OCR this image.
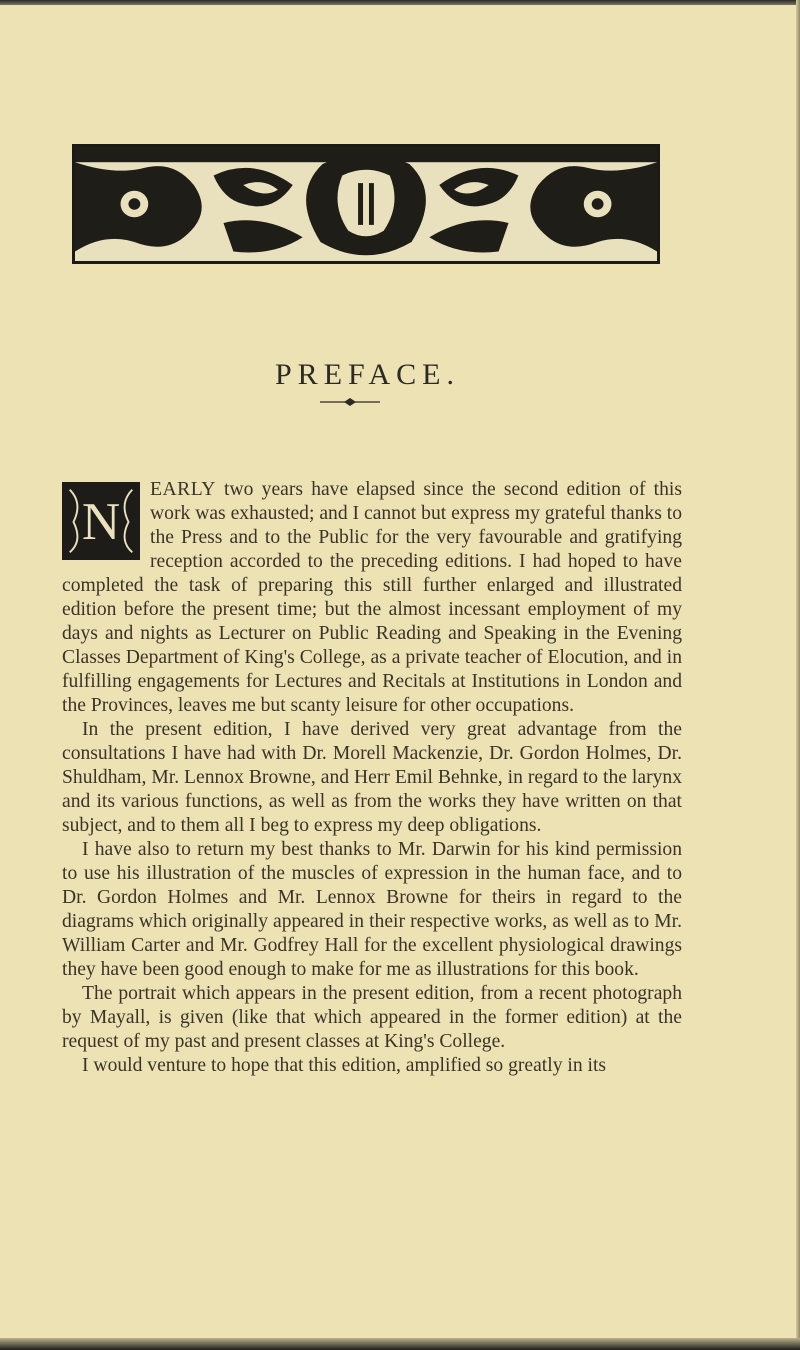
PREFACE.

N
EARLY two years have elapsed since the second edition of this work was exhausted; and I cannot but express my grateful thanks to the Press and to the Public for the very favourable and gratifying reception accorded to the preceding editions. I had hoped to have completed the task of preparing this still further enlarged and illustrated edition before the present time; but the almost incessant employment of my days and nights as Lecturer on Public Reading and Speaking in the Evening Classes Department of King's College, as a private teacher of Elocution, and in fulfilling engagements for Lectures and Recitals at Institutions in London and the Provinces, leaves me but scanty leisure for other occupations.

In the present edition, I have derived very great advantage from the consultations I have had with Dr. Morell Mackenzie, Dr. Gordon Holmes, Dr. Shuldham, Mr. Lennox Browne, and Herr Emil Behnke, in regard to the larynx and its various functions, as well as from the works they have written on that subject, and to them all I beg to express my deep obligations.

I have also to return my best thanks to Mr. Darwin for his kind permission to use his illustration of the muscles of expression in the human face, and to Dr. Gordon Holmes and Mr. Lennox Browne for theirs in regard to the diagrams which originally appeared in their respective works, as well as to Mr. William Carter and Mr. Godfrey Hall for the excellent physiological drawings they have been good enough to make for me as illustrations for this book.

The portrait which appears in the present edition, from a recent photograph by Mayall, is given (like that which appeared in the former edition) at the request of my past and present classes at King's College.

I would venture to hope that this edition, amplified so greatly in its
